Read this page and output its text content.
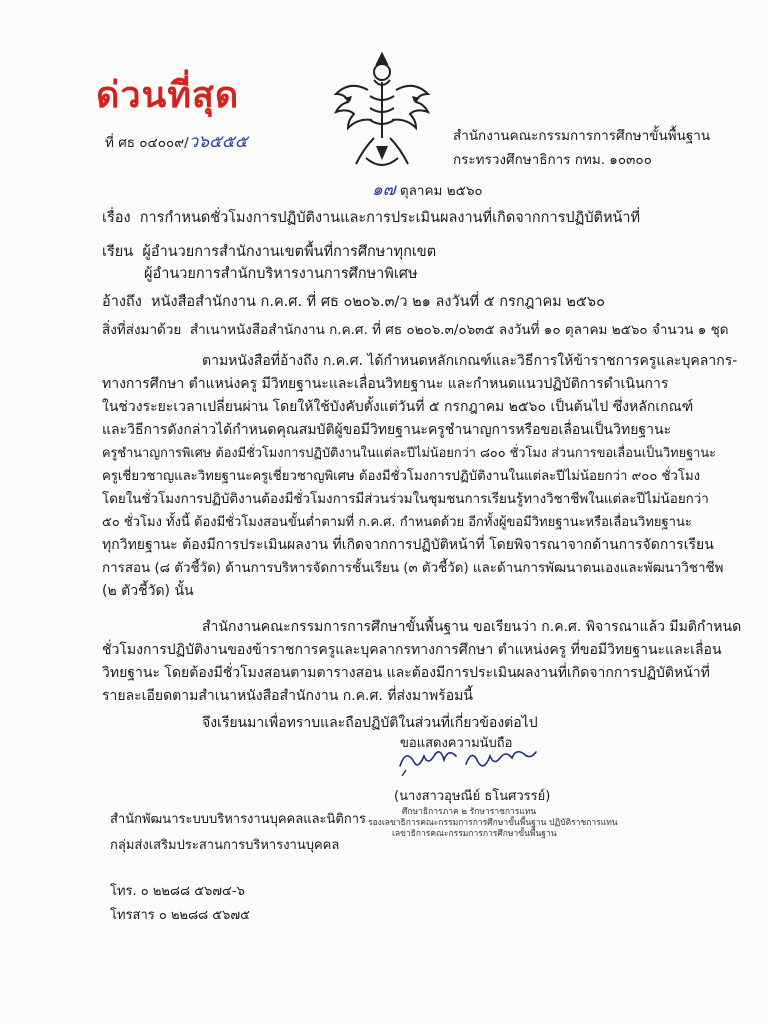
ด่วนที่สุด
ที่ ศธ ๐๔๐๐๙/ว๖๕๕๕	สำนักงานคณะกรรมการการศึกษาขั้นพื้นฐาน
กระทรวงศึกษาธิการ กทม. ๑๐๓๐๐
๑๗ ตุลาคม ๒๕๖๐
เรื่อง การกำหนดชั่วโมงการปฏิบัติงานและการประเมินผลงานที่เกิดจากการปฏิบัติหน้าที่
เรียน ผู้อำนวยการสำนักงานเขตพื้นที่การศึกษาทุกเขต
ผู้อำนวยการสำนักบริหารงานการศึกษาพิเศษ
อ้างถึง หนังสือสำนักงาน ก.ค.ศ. ที่ ศธ ๐๒๐๖.๓/ว ๒๑ ลงวันที่ ๕ กรกฎาคม ๒๕๖๐
สิ่งที่ส่งมาด้วย สำเนาหนังสือสำนักงาน ก.ค.ศ. ที่ ศธ ๐๒๐๖.๓/๐๖๓๕ ลงวันที่ ๑๐ ตุลาคม ๒๕๖๐ จำนวน ๑ ชุด
ตามหนังสือที่อ้างถึง ก.ค.ศ. ได้กำหนดหลักเกณฑ์และวิธีการให้ข้าราชการครูและบุคลากร-
ทางการศึกษา ตำแหน่งครู มีวิทยฐานะและเลื่อนวิทยฐานะ และกำหนดแนวปฏิบัติการดำเนินการ
ในช่วงระยะเวลาเปลี่ยนผ่าน โดยให้ใช้บังคับตั้งแต่วันที่ ๕ กรกฎาคม ๒๕๖๐ เป็นต้นไป ซึ่งหลักเกณฑ์
และวิธีการดังกล่าวได้กำหนดคุณสมบัติผู้ขอมีวิทยฐานะครูชำนาญการหรือขอเลื่อนเป็นวิทยฐานะ
ครูชำนาญการพิเศษ ต้องมีชั่วโมงการปฏิบัติงานในแต่ละปีไม่น้อยกว่า ๘๐๐ ชั่วโมง ส่วนการขอเลื่อนเป็นวิทยฐานะ
ครูเชี่ยวชาญและวิทยฐานะครูเชี่ยวชาญพิเศษ ต้องมีชั่วโมงการปฏิบัติงานในแต่ละปีไม่น้อยกว่า ๙๐๐ ชั่วโมง
โดยในชั่วโมงการปฏิบัติงานต้องมีชั่วโมงการมีส่วนร่วมในชุมชนการเรียนรู้ทางวิชาชีพในแต่ละปีไม่น้อยกว่า
๕๐ ชั่วโมง ทั้งนี้ ต้องมีชั่วโมงสอนขั้นต่ำตามที่ ก.ค.ศ. กำหนดด้วย อีกทั้งผู้ขอมีวิทยฐานะหรือเลื่อนวิทยฐานะ
ทุกวิทยฐานะ ต้องมีการประเมินผลงาน ที่เกิดจากการปฏิบัติหน้าที่ โดยพิจารณาจากด้านการจัดการเรียน
การสอน (๘ ตัวชี้วัด) ด้านการบริหารจัดการชั้นเรียน (๓ ตัวชี้วัด) และด้านการพัฒนาตนเองและพัฒนาวิชาชีพ
(๒ ตัวชี้วัด) นั้น
สำนักงานคณะกรรมการการศึกษาขั้นพื้นฐาน ขอเรียนว่า ก.ค.ศ. พิจารณาแล้ว มีมติกำหนด
ชั่วโมงการปฏิบัติงานของข้าราชการครูและบุคลากรทางการศึกษา ตำแหน่งครู ที่ขอมีวิทยฐานะและเลื่อน
วิทยฐานะ โดยต้องมีชั่วโมงสอนตามตารางสอน และต้องมีการประเมินผลงานที่เกิดจากการปฏิบัติหน้าที่
รายละเอียดตามสำเนาหนังสือสำนักงาน ก.ค.ศ. ที่ส่งมาพร้อมนี้
จึงเรียนมาเพื่อทราบและถือปฏิบัติในส่วนที่เกี่ยวข้องต่อไป
ขอแสดงความนับถือ
(นางสาวอุษณีย์ ธโนศวรรย์)
ศึกษาธิการภาค ๒ รักษาราชการแทน
รองเลขาธิการคณะกรรมการการศึกษาขั้นพื้นฐาน ปฏิบัติราชการแทน
เลขาธิการคณะกรรมการการศึกษาขั้นพื้นฐาน
สำนักพัฒนาระบบบริหารงานบุคคลและนิติการ
กลุ่มส่งเสริมประสานการบริหารงานบุคคล
โทร. ๐ ๒๒๘๘ ๕๖๗๔-๖
โทรสาร ๐ ๒๒๘๘ ๕๖๗๕
